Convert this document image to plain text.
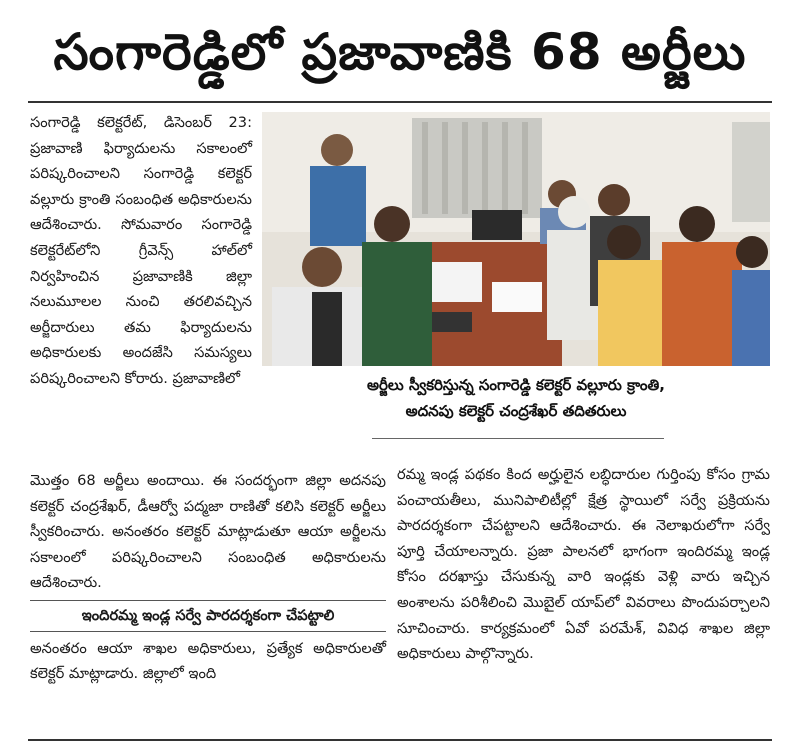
సంగారెడ్డిలో ప్రజావాణికి 68 అర్జీలు

సంగారెడ్డి కలెక్టరేట్, డిసెంబర్ 23: ప్రజావాణి ఫిర్యాదులను సకాలంలో పరిష్కరించాలని సంగారెడ్డి కలెక్టర్ వల్లూరు క్రాంతి సంబంధిత అధికారులను ఆదేశించారు. సోమవారం సంగారెడ్డి కలెక్టరేట్‌లోని గ్రీవెన్స్ హాల్‌లో నిర్వహించిన ప్రజావాణికి జిల్లా నలుమూలల నుంచి తరలివచ్చిన అర్జీదారులు తమ ఫిర్యాదులను అధికారులకు అందజేసి సమస్యలు పరిష్కరించాలని కోరారు. ప్రజావాణిలో	అర్జీలు స్వీకరిస్తున్న సంగారెడ్డి కలెక్టర్ వల్లూరు క్రాంతి,
అదనపు కలెక్టర్ చంద్రశేఖర్ తదితరులు

మొత్తం 68 అర్జీలు అందాయి. ఈ సందర్భంగా జిల్లా అదనపు కలెక్టర్ చంద్రశేఖర్, డీఆర్వో పద్మజా రాణితో కలిసి కలెక్టర్ అర్జీలు స్వీకరించారు. అనంతరం కలెక్టర్ మాట్లాడుతూ ఆయా అర్జీలను సకాలంలో పరిష్కరించాలని సంబంధిత అధికారులను ఆదేశించారు.

ఇందిరమ్మ ఇండ్ల సర్వే పారదర్శకంగా చేపట్టాలి

అనంతరం ఆయా శాఖల అధికారులు, ప్రత్యేక అధికారులతో కలెక్టర్ మాట్లాడారు. జిల్లాలో ఇంది

రమ్మ ఇండ్ల పథకం కింద అర్హులైన లబ్ధిదారుల గుర్తింపు కోసం గ్రామ పంచాయతీలు, మునిపాలిటీల్లో క్షేత్ర స్థాయిలో సర్వే ప్రక్రియను పారదర్శకంగా చేపట్టాలని ఆదేశించారు. ఈ నెలాఖరులోగా సర్వే పూర్తి చేయాలన్నారు. ప్రజా పాలనలో భాగంగా ఇందిరమ్మ ఇండ్ల కోసం దరఖాస్తు చేసుకున్న వారి ఇండ్లకు వెళ్లి వారు ఇచ్చిన అంశాలను పరిశీలించి మొబైల్ యాప్‌లో వివరాలు పొందుపర్చాలని సూచించారు. కార్యక్రమంలో ఏవో పరమేశ్, వివిధ శాఖల జిల్లా అధికారులు పాల్గొన్నారు.
